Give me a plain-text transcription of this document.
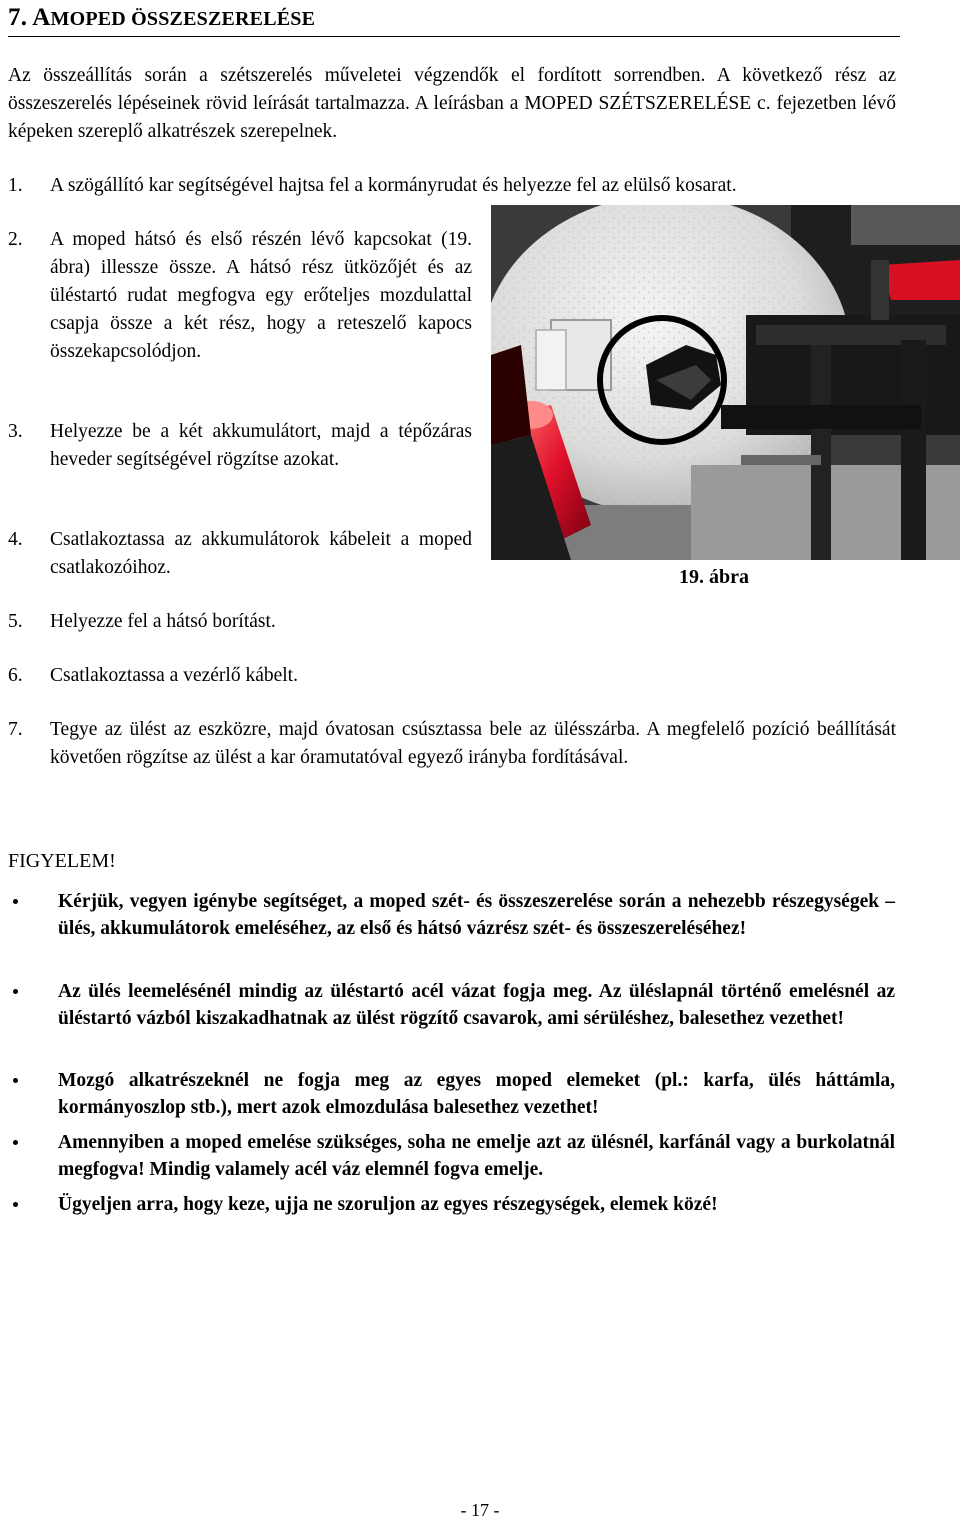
7. AMOPED ÖSSZESZERELÉSE
Az összeállítás során a szétszerelés műveletei végzendők el fordított sorrendben. A következő rész az összeszerelés lépéseinek rövid leírását tartalmazza. A leírásban a MOPED SZÉTSZERELÉSE c. fejezetben lévő képeken szereplő alkatrészek szerepelnek.
1.	A szögállító kar segítségével hajtsa fel a kormányrudat és helyezze fel az elülső kosarat.
2.	A moped hátsó és első részén lévő kapcsokat (19. ábra) illessze össze. A hátsó rész ütközőjét és az üléstartó rudat megfogva egy erőteljes mozdulattal csapja össze a két rész, hogy a reteszelő kapocs összekapcsolódjon.
3.	Helyezze be a két akkumulátort, majd a tépőzáras heveder segítségével rögzítse azokat.
4.	Csatlakoztassa az akkumulátorok kábeleit a moped csatlakozóihoz.
5.	Helyezze fel a hátsó borítást.
6.	Csatlakoztassa a vezérlő kábelt.
7.	Tegye az ülést az eszközre, majd óvatosan csúsztassa bele az ülésszárba. A megfelelő pozíció beállítását követően rögzítse az ülést a kar óramutatóval egyező irányba fordításával.
19. ábra
FIGYELEM!
Kérjük, vegyen igénybe segítséget, a moped szét- és összeszerelése során a nehezebb részegységek – ülés, akkumulátorok emeléséhez, az első és hátsó vázrész szét- és összeszereléséhez!
Az ülés leemelésénél mindig az üléstartó acél vázat fogja meg. Az üléslapnál történő emelésnél az üléstartó vázból kiszakadhatnak az ülést rögzítő csavarok, ami sérüléshez, balesethez vezethet!
Mozgó alkatrészeknél ne fogja meg az egyes moped elemeket (pl.: karfa, ülés háttámla, kormányoszlop stb.), mert azok elmozdulása balesethez vezethet!
Amennyiben a moped emelése szükséges, soha ne emelje azt az ülésnél, karfánál vagy a burkolatnál megfogva! Mindig valamely acél váz elemnél fogva emelje.
Ügyeljen arra, hogy keze, ujja ne szoruljon az egyes részegységek, elemek közé!
- 17 -
